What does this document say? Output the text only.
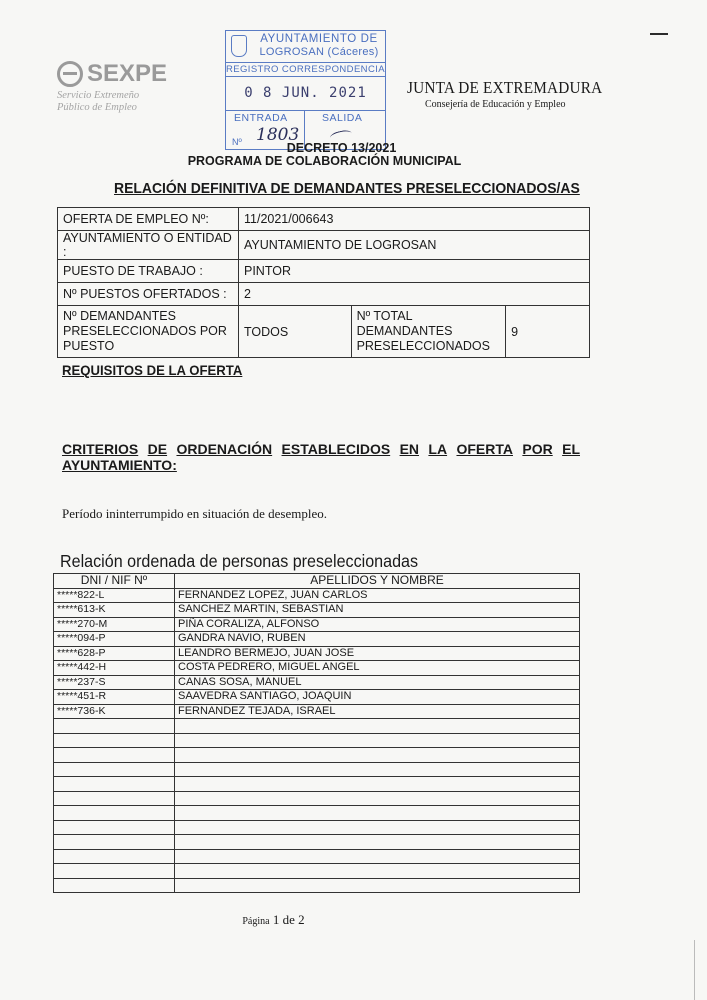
SEXPE
Servicio Extremeño
Público de Empleo
AYUNTAMIENTO DE
LOGROSAN (Cáceres)
REGISTRO CORRESPONDENCIA
0 8 JUN. 2021
ENTRADA	SALIDA
Nº 1803
JUNTA DE EXTREMADURA
Consejería de Educación y Empleo
DECRETO 13/2021
PROGRAMA DE COLABORACIÓN MUNICIPAL
RELACIÓN DEFINITIVA DE DEMANDANTES PRESELECCIONADOS/AS
OFERTA DE EMPLEO Nº:	11/2021/006643		
AYUNTAMIENTO O ENTIDAD :	AYUNTAMIENTO DE LOGROSAN		
PUESTO DE TRABAJO :	PINTOR		
Nº PUESTOS OFERTADOS :	2		
Nº DEMANDANTES PRESELECCIONADOS POR PUESTO	TODOS	Nº TOTAL DEMANDANTES PRESELECCIONADOS	9
REQUISITOS DE LA OFERTA
CRITERIOS DE ORDENACIÓN ESTABLECIDOS EN LA OFERTA POR EL
AYUNTAMIENTO:
Período ininterrumpido en situación de desempleo.
Relación ordenada de personas preseleccionadas
DNI / NIF Nº	APELLIDOS Y NOMBRE
*****822-L	FERNANDEZ LOPEZ, JUAN CARLOS
*****613-K	SANCHEZ MARTIN, SEBASTIAN
*****270-M	PIÑA CORALIZA, ALFONSO
*****094-P	GANDRA NAVIO, RUBEN
*****628-P	LEANDRO BERMEJO, JUAN JOSE
*****442-H	COSTA PEDRERO, MIGUEL ANGEL
*****237-S	CANAS SOSA, MANUEL
*****451-R	SAAVEDRA SANTIAGO, JOAQUIN
*****736-K	FERNANDEZ TEJADA, ISRAEL

Página 1 de 2
